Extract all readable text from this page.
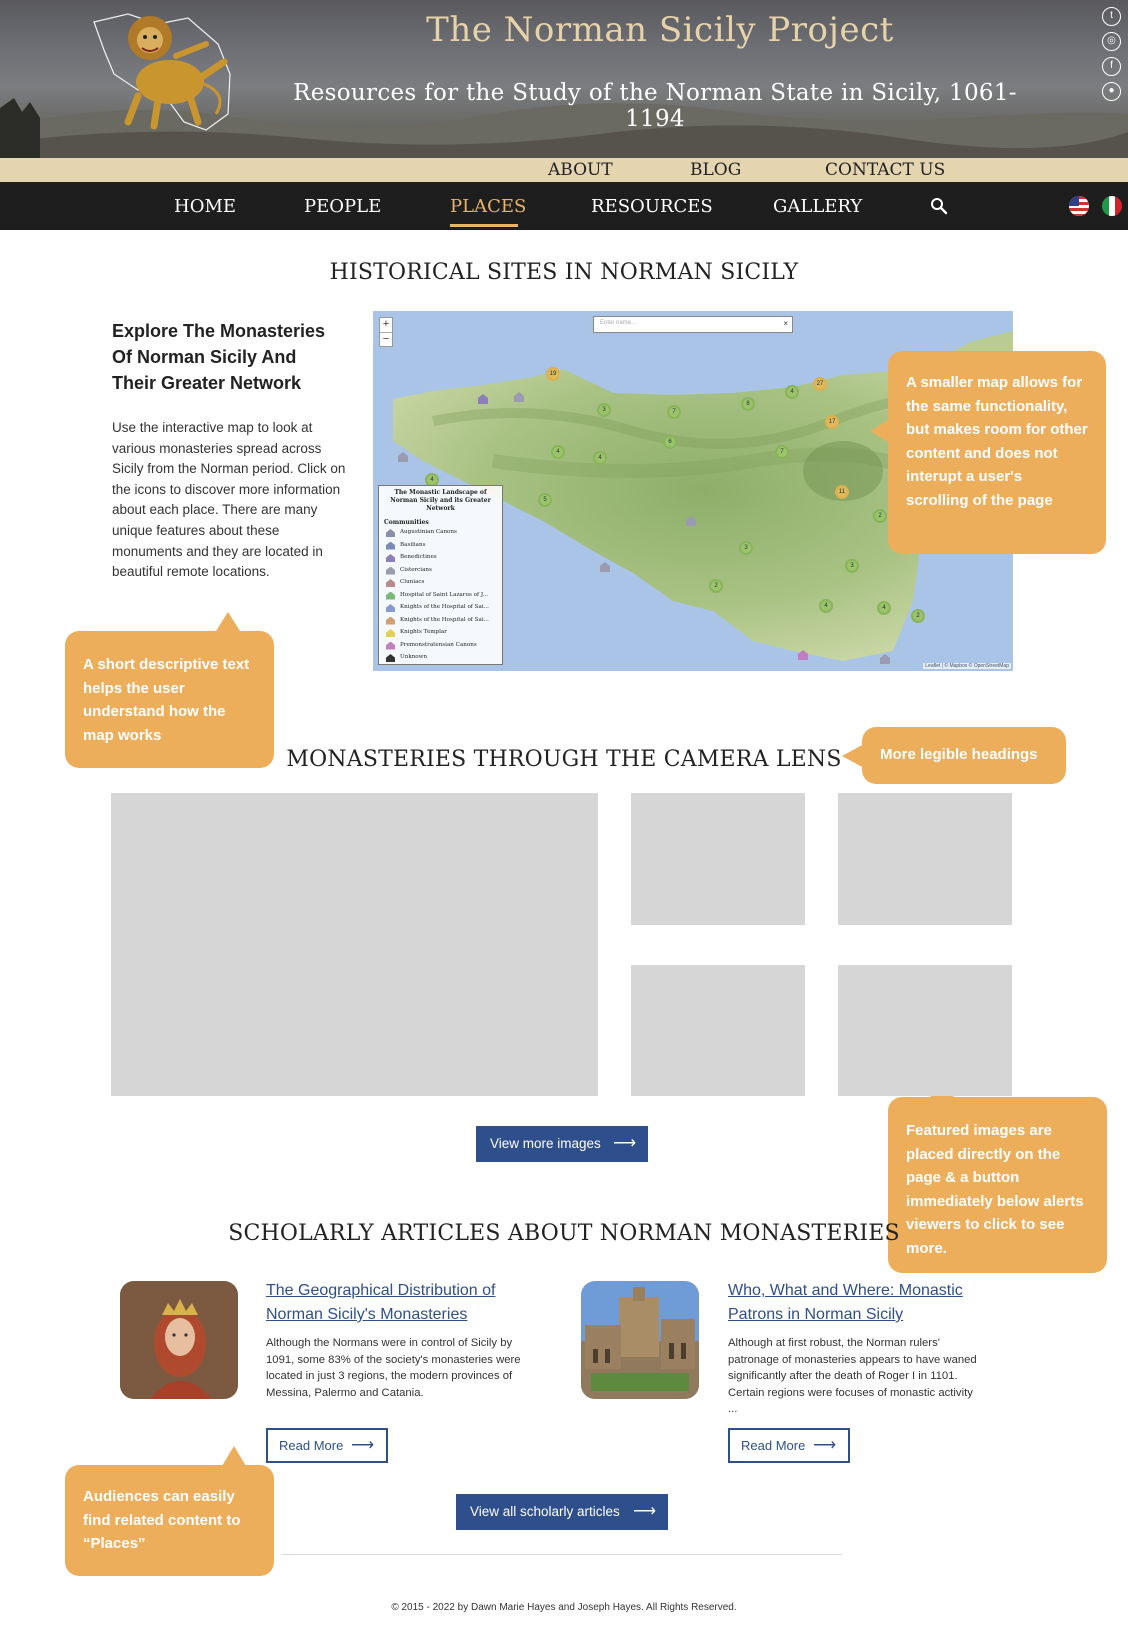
The Norman Sicily Project
Resources for the Study of the Norman State in Sicily, 1061-1194
t
◎
f
●
ABOUT	BLOG	CONTACT US
HOME	PEOPLE	PLACES	RESOURCES	GALLERY
HISTORICAL SITES IN NORMAN SICILY
Explore The Monasteries Of Norman Sicily And Their Greater Network
Use the interactive map to look at various monasteries spread across Sicily from the Norman period. Click on the icons to discover more information about each place. There are many unique features about these monuments and they are located in beautiful remote locations.
+
−
Enter name...	×
19
3	7
8
4
27
17
7
6
4
4
5
4
11
2
3
3
2
4
2
4
The Monastic Landscape of Norman Sicily and its Greater Network
Communities
Augustinian Canons
Basilians
Benedictines
Cistercians
Cluniacs
Hospital of Saint Lazarus of J...
Knights of the Hospital of Sai...
Knights of the Hospital of Sai...
Knights Templar
Premonstratensian Canons
Unknown
Leaflet | © Mapbox © OpenStreetMap
A smaller map allows for the same functionality, but makes room for other content and does not interupt a user's scrolling of the page
A short descriptive text helps the user understand how the map works
More legible headings
Featured images are placed directly on the page & a button immediately below alerts viewers to click to see more.
Audiences can easily find related content to “Places”
MONASTERIES THROUGH THE CAMERA LENS
View more images ⟶
SCHOLARLY ARTICLES ABOUT NORMAN MONASTERIES
The Geographical Distribution of Norman Sicily's Monasteries
Although the Normans were in control of Sicily by 1091, some 83% of the society's monasteries were located in just 3 regions, the modern provinces of Messina, Palermo and Catania.
Read More ⟶
Who, What and Where: Monastic Patrons in Norman Sicily
Although at first robust, the Norman rulers' patronage of monasteries appears to have waned significantly after the death of Roger I in 1101. Certain regions were focuses of monastic activity ...
Read More ⟶
View all scholarly articles ⟶
© 2015 - 2022 by Dawn Marie Hayes and Joseph Hayes. All Rights Reserved.
